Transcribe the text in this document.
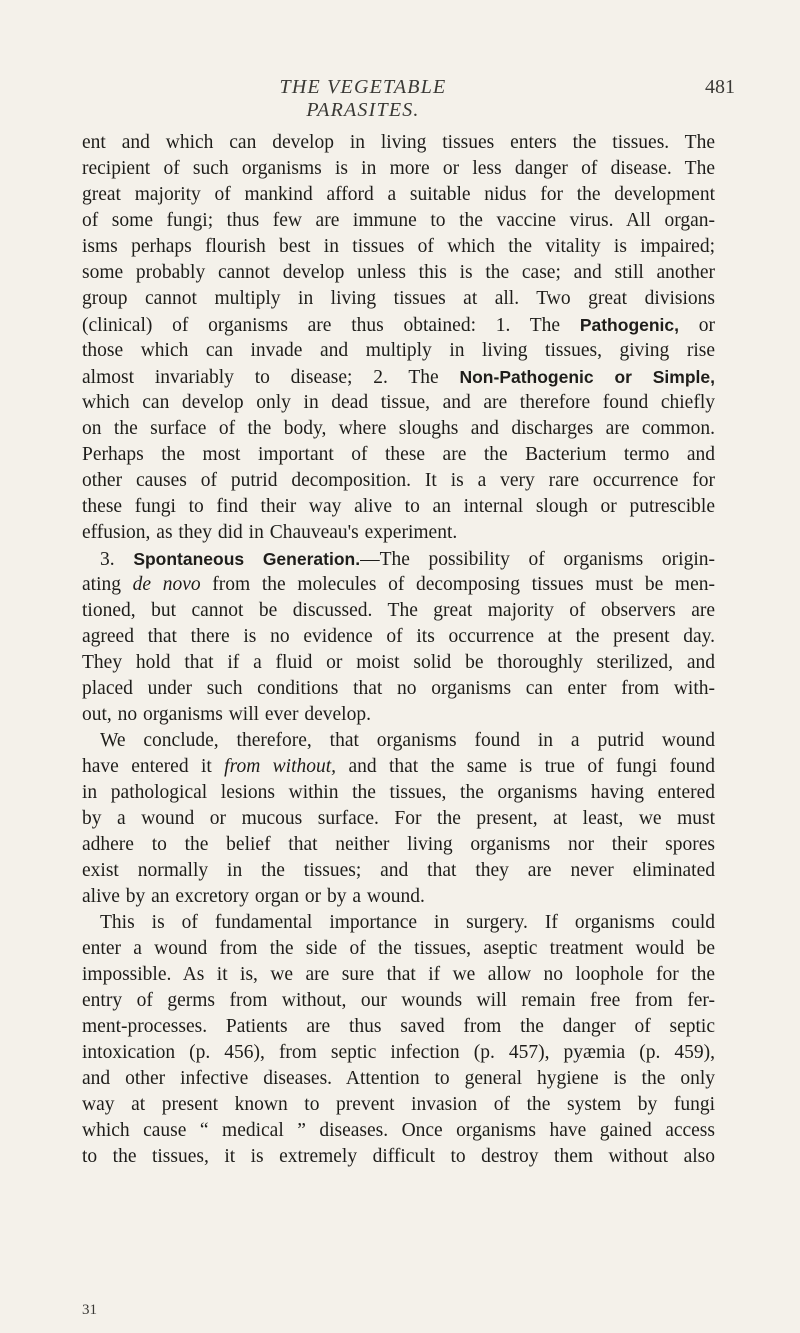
THE VEGETABLE PARASITES.
481
ent and which can develop in living tissues enters the tissues. The
recipient of such organisms is in more or less danger of disease. The
great majority of mankind afford a suitable nidus for the development
of some fungi; thus few are immune to the vaccine virus. All organ-
isms perhaps flourish best in tissues of which the vitality is impaired;
some probably cannot develop unless this is the case; and still another
group cannot multiply in living tissues at all. Two great divisions
(clinical) of organisms are thus obtained: 1. The Pathogenic, or
those which can invade and multiply in living tissues, giving rise
almost invariably to disease; 2. The Non-Pathogenic or Simple,
which can develop only in dead tissue, and are therefore found chiefly
on the surface of the body, where sloughs and discharges are common.
Perhaps the most important of these are the Bacterium termo and
other causes of putrid decomposition. It is a very rare occurrence for
these fungi to find their way alive to an internal slough or putrescible
effusion, as they did in Chauveau's experiment.
3. Spontaneous Generation.—The possibility of organisms origin-
ating de novo from the molecules of decomposing tissues must be men-
tioned, but cannot be discussed. The great majority of observers are
agreed that there is no evidence of its occurrence at the present day.
They hold that if a fluid or moist solid be thoroughly sterilized, and
placed under such conditions that no organisms can enter from with-
out, no organisms will ever develop.
We conclude, therefore, that organisms found in a putrid wound
have entered it from without, and that the same is true of fungi found
in pathological lesions within the tissues, the organisms having entered
by a wound or mucous surface. For the present, at least, we must
adhere to the belief that neither living organisms nor their spores
exist normally in the tissues; and that they are never eliminated
alive by an excretory organ or by a wound.
This is of fundamental importance in surgery. If organisms could
enter a wound from the side of the tissues, aseptic treatment would be
impossible. As it is, we are sure that if we allow no loophole for the
entry of germs from without, our wounds will remain free from fer-
ment-processes. Patients are thus saved from the danger of septic
intoxication (p. 456), from septic infection (p. 457), pyæmia (p. 459),
and other infective diseases. Attention to general hygiene is the only
way at present known to prevent invasion of the system by fungi
which cause “ medical ” diseases. Once organisms have gained access
to the tissues, it is extremely difficult to destroy them without also
31
